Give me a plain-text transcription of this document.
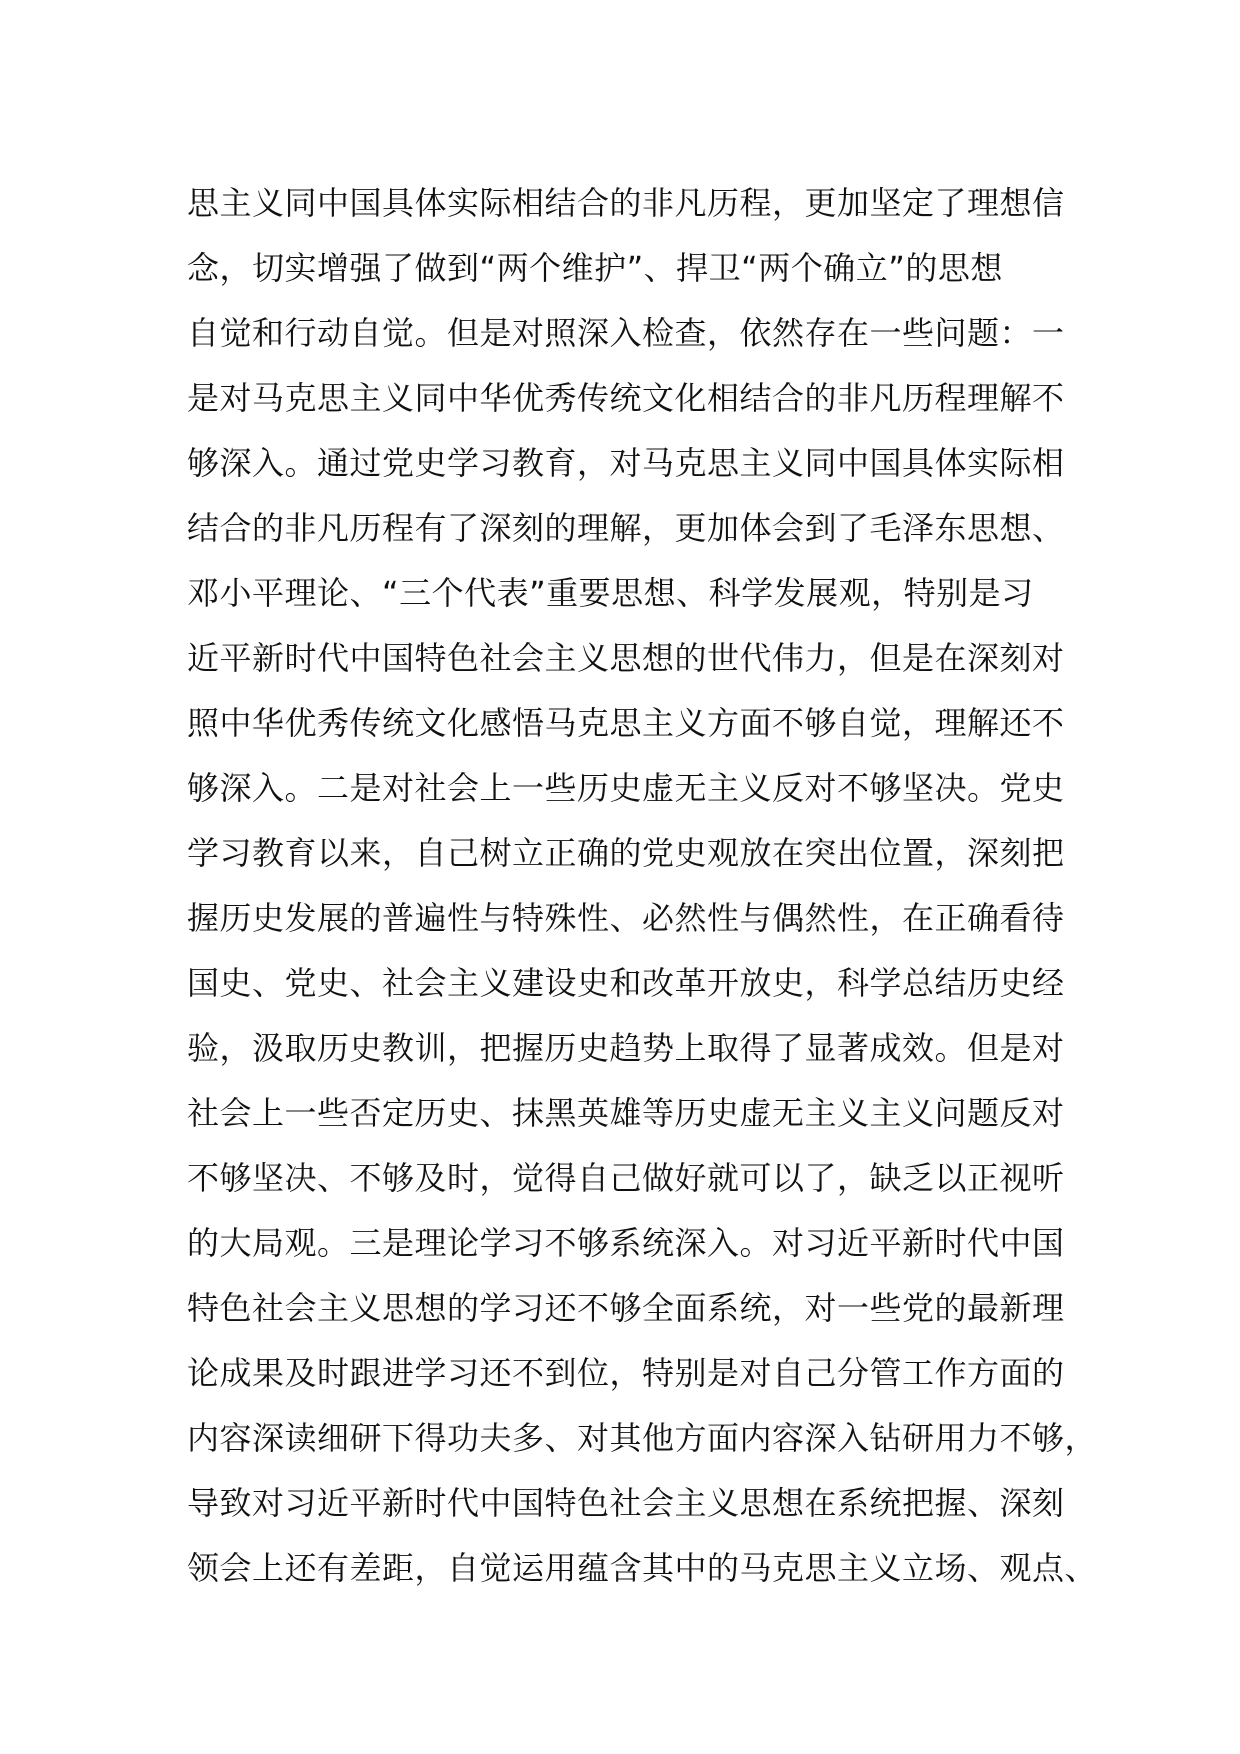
思主义同中国具体实际相结合的非凡历程，更加坚定了理想信
念，切实增强了做到“两个维护”、捍卫“两个确立”的思想
自觉和行动自觉。但是对照深入检查，依然存在一些问题：一
是对马克思主义同中华优秀传统文化相结合的非凡历程理解不
够深入。通过党史学习教育，对马克思主义同中国具体实际相
结合的非凡历程有了深刻的理解，更加体会到了毛泽东思想、
邓小平理论、“三个代表”重要思想、科学发展观，特别是习
近平新时代中国特色社会主义思想的世代伟力，但是在深刻对
照中华优秀传统文化感悟马克思主义方面不够自觉，理解还不
够深入。二是对社会上一些历史虚无主义反对不够坚决。党史
学习教育以来，自己树立正确的党史观放在突出位置，深刻把
握历史发展的普遍性与特殊性、必然性与偶然性，在正确看待
国史、党史、社会主义建设史和改革开放史，科学总结历史经
验，汲取历史教训，把握历史趋势上取得了显著成效。但是对
社会上一些否定历史、抹黑英雄等历史虚无主义主义问题反对
不够坚决、不够及时，觉得自己做好就可以了，缺乏以正视听
的大局观。三是理论学习不够系统深入。对习近平新时代中国
特色社会主义思想的学习还不够全面系统，对一些党的最新理
论成果及时跟进学习还不到位，特别是对自己分管工作方面的
内容深读细研下得功夫多、对其他方面内容深入钻研用力不够，
导致对习近平新时代中国特色社会主义思想在系统把握、深刻
领会上还有差距，自觉运用蕴含其中的马克思主义立场、观点、
